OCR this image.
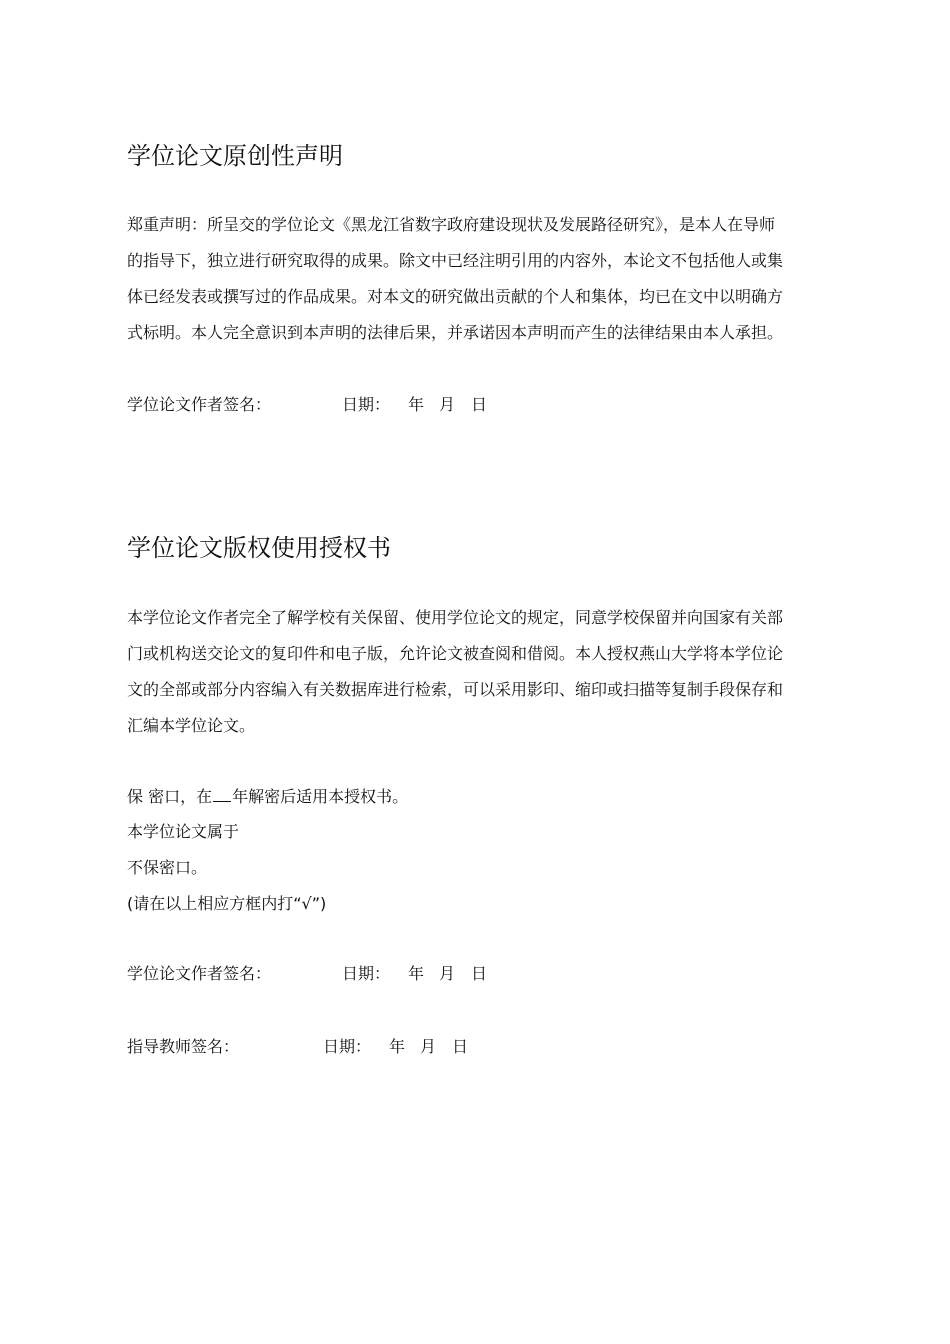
学位论文原创性声明

郑重声明：所呈交的学位论文《黑龙江省数字政府建设现状及发展路径研究》，是本人在导师
的指导下，独立进行研究取得的成果。除文中已经注明引用的内容外，本论文不包括他人或集
体已经发表或撰写过的作品成果。对本文的研究做出贡献的个人和集体，均已在文中以明确方
式标明。本人完全意识到本声明的法律后果，并承诺因本声明而产生的法律结果由本人承担。

学位论文作者签名：	日期： 年 月 日
学位论文版权使用授权书

本学位论文作者完全了解学校有关保留、使用学位论文的规定，同意学校保留并向国家有关部
门或机构送交论文的复印件和电子版，允许论文被查阅和借阅。本人授权燕山大学将本学位论
文的全部或部分内容编入有关数据库进行检索，可以采用影印、缩印或扫描等复制手段保存和
汇编本学位论文。

保 密口，在 年解密后适用本授权书。
本学位论文属于
不保密口。
(请在以上相应方框内打“√”)
学位论文作者签名：	日期： 年 月 日
指导教师签名：	日期： 年 月 日
